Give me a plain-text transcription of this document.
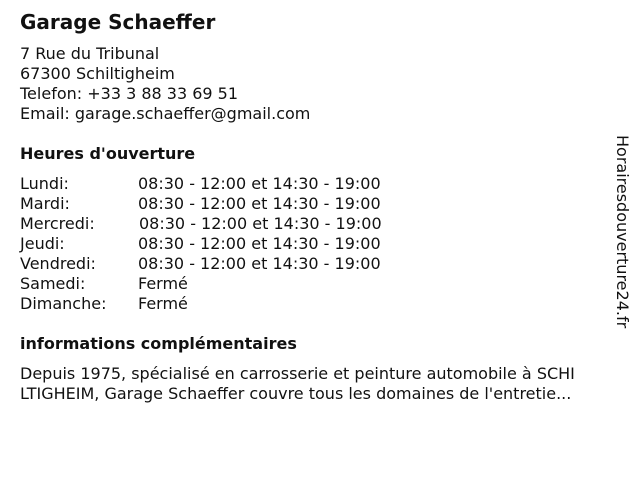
Garage Schaeffer
7 Rue du Tribunal
67300 Schiltigheim
Telefon: +33 3 88 33 69 51
Email: garage.schaeffer@gmail.com
Heures d'ouverture
Lundi:	08:30 - 12:00 et 14:30 - 19:00
Mardi:	08:30 - 12:00 et 14:30 - 19:00
Mercredi:	08:30 - 12:00 et 14:30 - 19:00
Jeudi:	08:30 - 12:00 et 14:30 - 19:00
Vendredi:	08:30 - 12:00 et 14:30 - 19:00
Samedi:	Fermé
Dimanche:	Fermé
informations complémentaires
Depuis 1975, spécialisé en carrosserie et peinture automobile à SCHI
LTIGHEIM, Garage Schaeffer couvre tous les domaines de l'entretie...
Horairesdouverture24.fr
